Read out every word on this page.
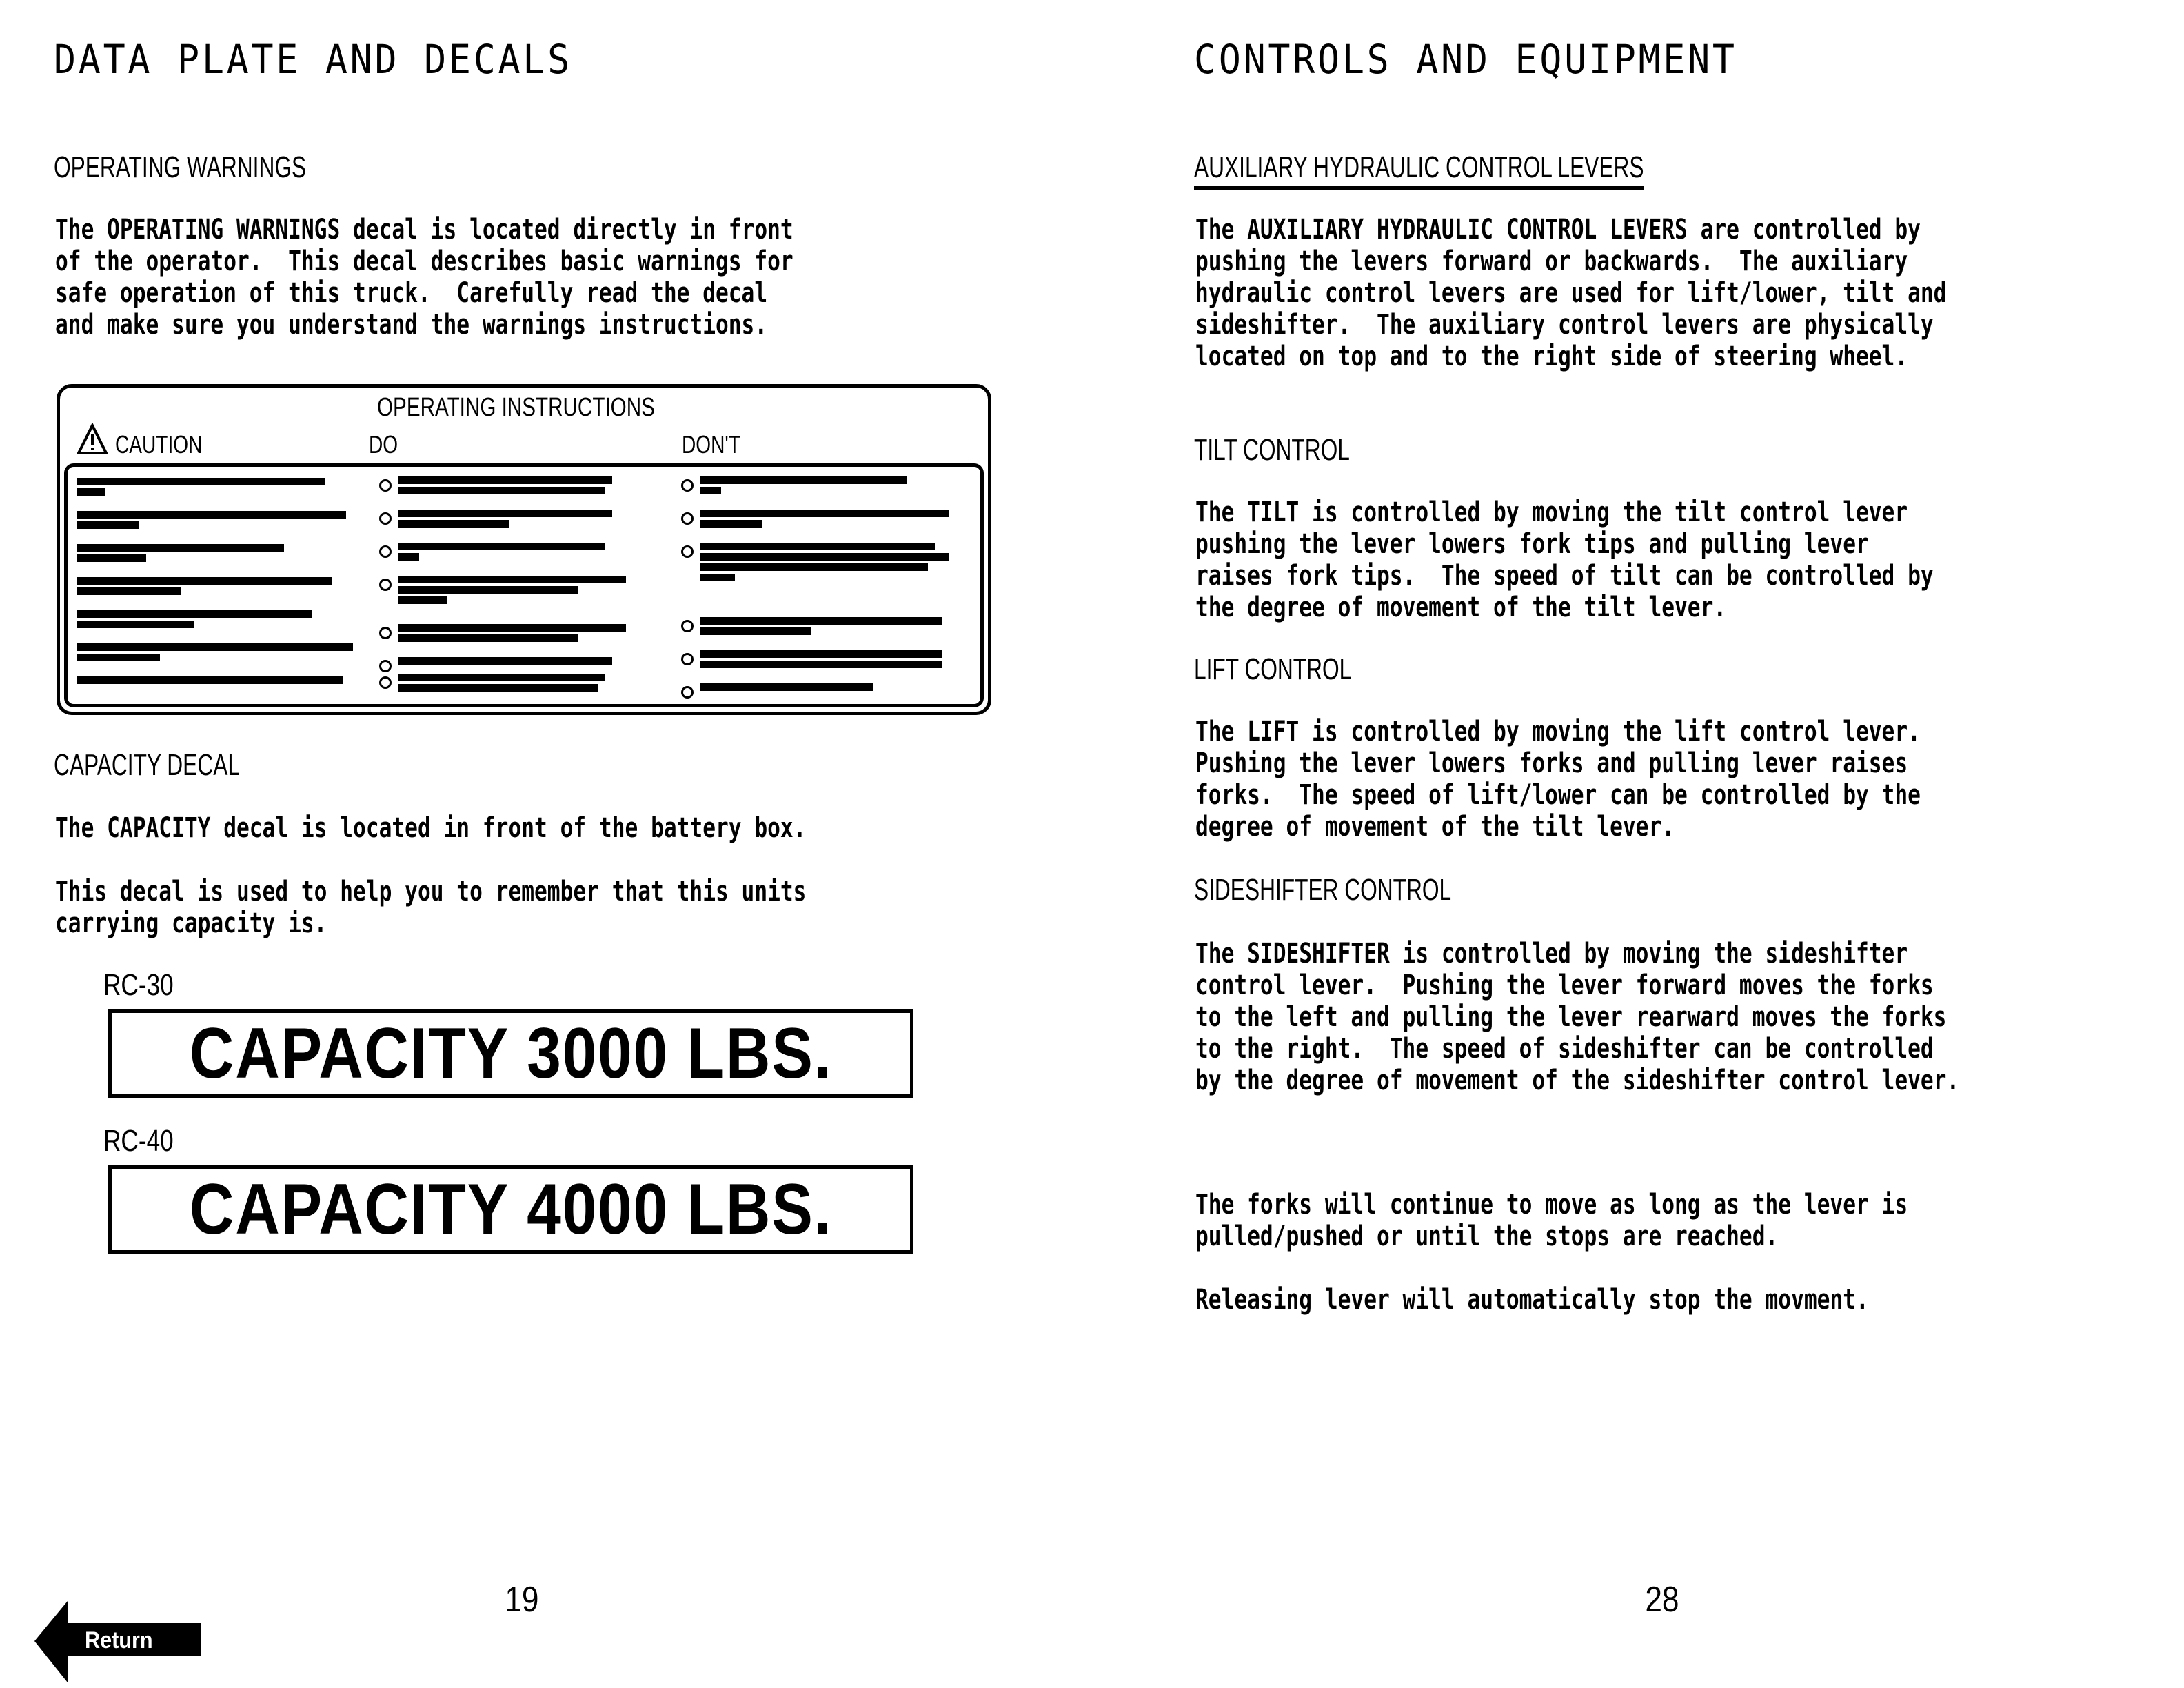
DATA PLATE AND DECALS
OPERATING WARNINGS
The OPERATING WARNINGS decal is located directly in front
of the operator.  This decal describes basic warnings for
safe operation of this truck.  Carefully read the decal
and make sure you understand the warnings instructions.
OPERATING INSTRUCTIONS
CAUTION	DO	DON'T
CAPACITY DECAL
The CAPACITY decal is located in front of the battery box.
This decal is used to help you to remember that this units
carrying capacity is.
RC-30
CAPACITY 3000 LBS.
RC-40
CAPACITY 4000 LBS.
19
Return
CONTROLS AND EQUIPMENT
AUXILIARY HYDRAULIC CONTROL LEVERS
The AUXILIARY HYDRAULIC CONTROL LEVERS are controlled by
pushing the levers forward or backwards.  The auxiliary
hydraulic control levers are used for lift/lower, tilt and
sideshifter.  The auxiliary control levers are physically
located on top and to the right side of steering wheel.
TILT CONTROL
The TILT is controlled by moving the tilt control lever
pushing the lever lowers fork tips and pulling lever
raises fork tips.  The speed of tilt can be controlled by
the degree of movement of the tilt lever.
LIFT CONTROL
The LIFT is controlled by moving the lift control lever.
Pushing the lever lowers forks and pulling lever raises
forks.  The speed of lift/lower can be controlled by the
degree of movement of the tilt lever.
SIDESHIFTER CONTROL
The SIDESHIFTER is controlled by moving the sideshifter
control lever.  Pushing the lever forward moves the forks
to the left and pulling the lever rearward moves the forks
to the right.  The speed of sideshifter can be controlled
by the degree of movement of the sideshifter control lever.
The forks will continue to move as long as the lever is
pulled/pushed or until the stops are reached.
Releasing lever will automatically stop the movment.
28
